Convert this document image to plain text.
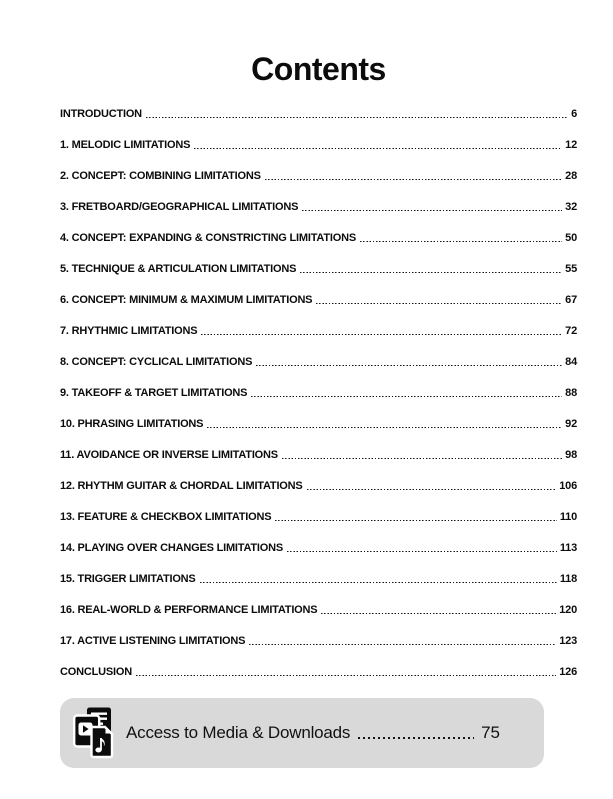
Contents
INTRODUCTION	6
1. MELODIC LIMITATIONS	12
2. CONCEPT: COMBINING LIMITATIONS	28
3. FRETBOARD/GEOGRAPHICAL LIMITATIONS	32
4. CONCEPT: EXPANDING & CONSTRICTING LIMITATIONS	50
5. TECHNIQUE & ARTICULATION LIMITATIONS	55
6. CONCEPT: MINIMUM & MAXIMUM LIMITATIONS	67
7. RHYTHMIC LIMITATIONS	72
8. CONCEPT: CYCLICAL LIMITATIONS	84
9. TAKEOFF & TARGET LIMITATIONS	88
10. PHRASING LIMITATIONS	92
11. AVOIDANCE OR INVERSE LIMITATIONS	98
12. RHYTHM GUITAR & CHORDAL LIMITATIONS	106
13. FEATURE & CHECKBOX LIMITATIONS	110
14. PLAYING OVER CHANGES LIMITATIONS	113
15. TRIGGER LIMITATIONS	118
16. REAL-WORLD & PERFORMANCE LIMITATIONS	120
17. ACTIVE LISTENING LIMITATIONS	123
CONCLUSION	126
Access to Media & Downloads	75
